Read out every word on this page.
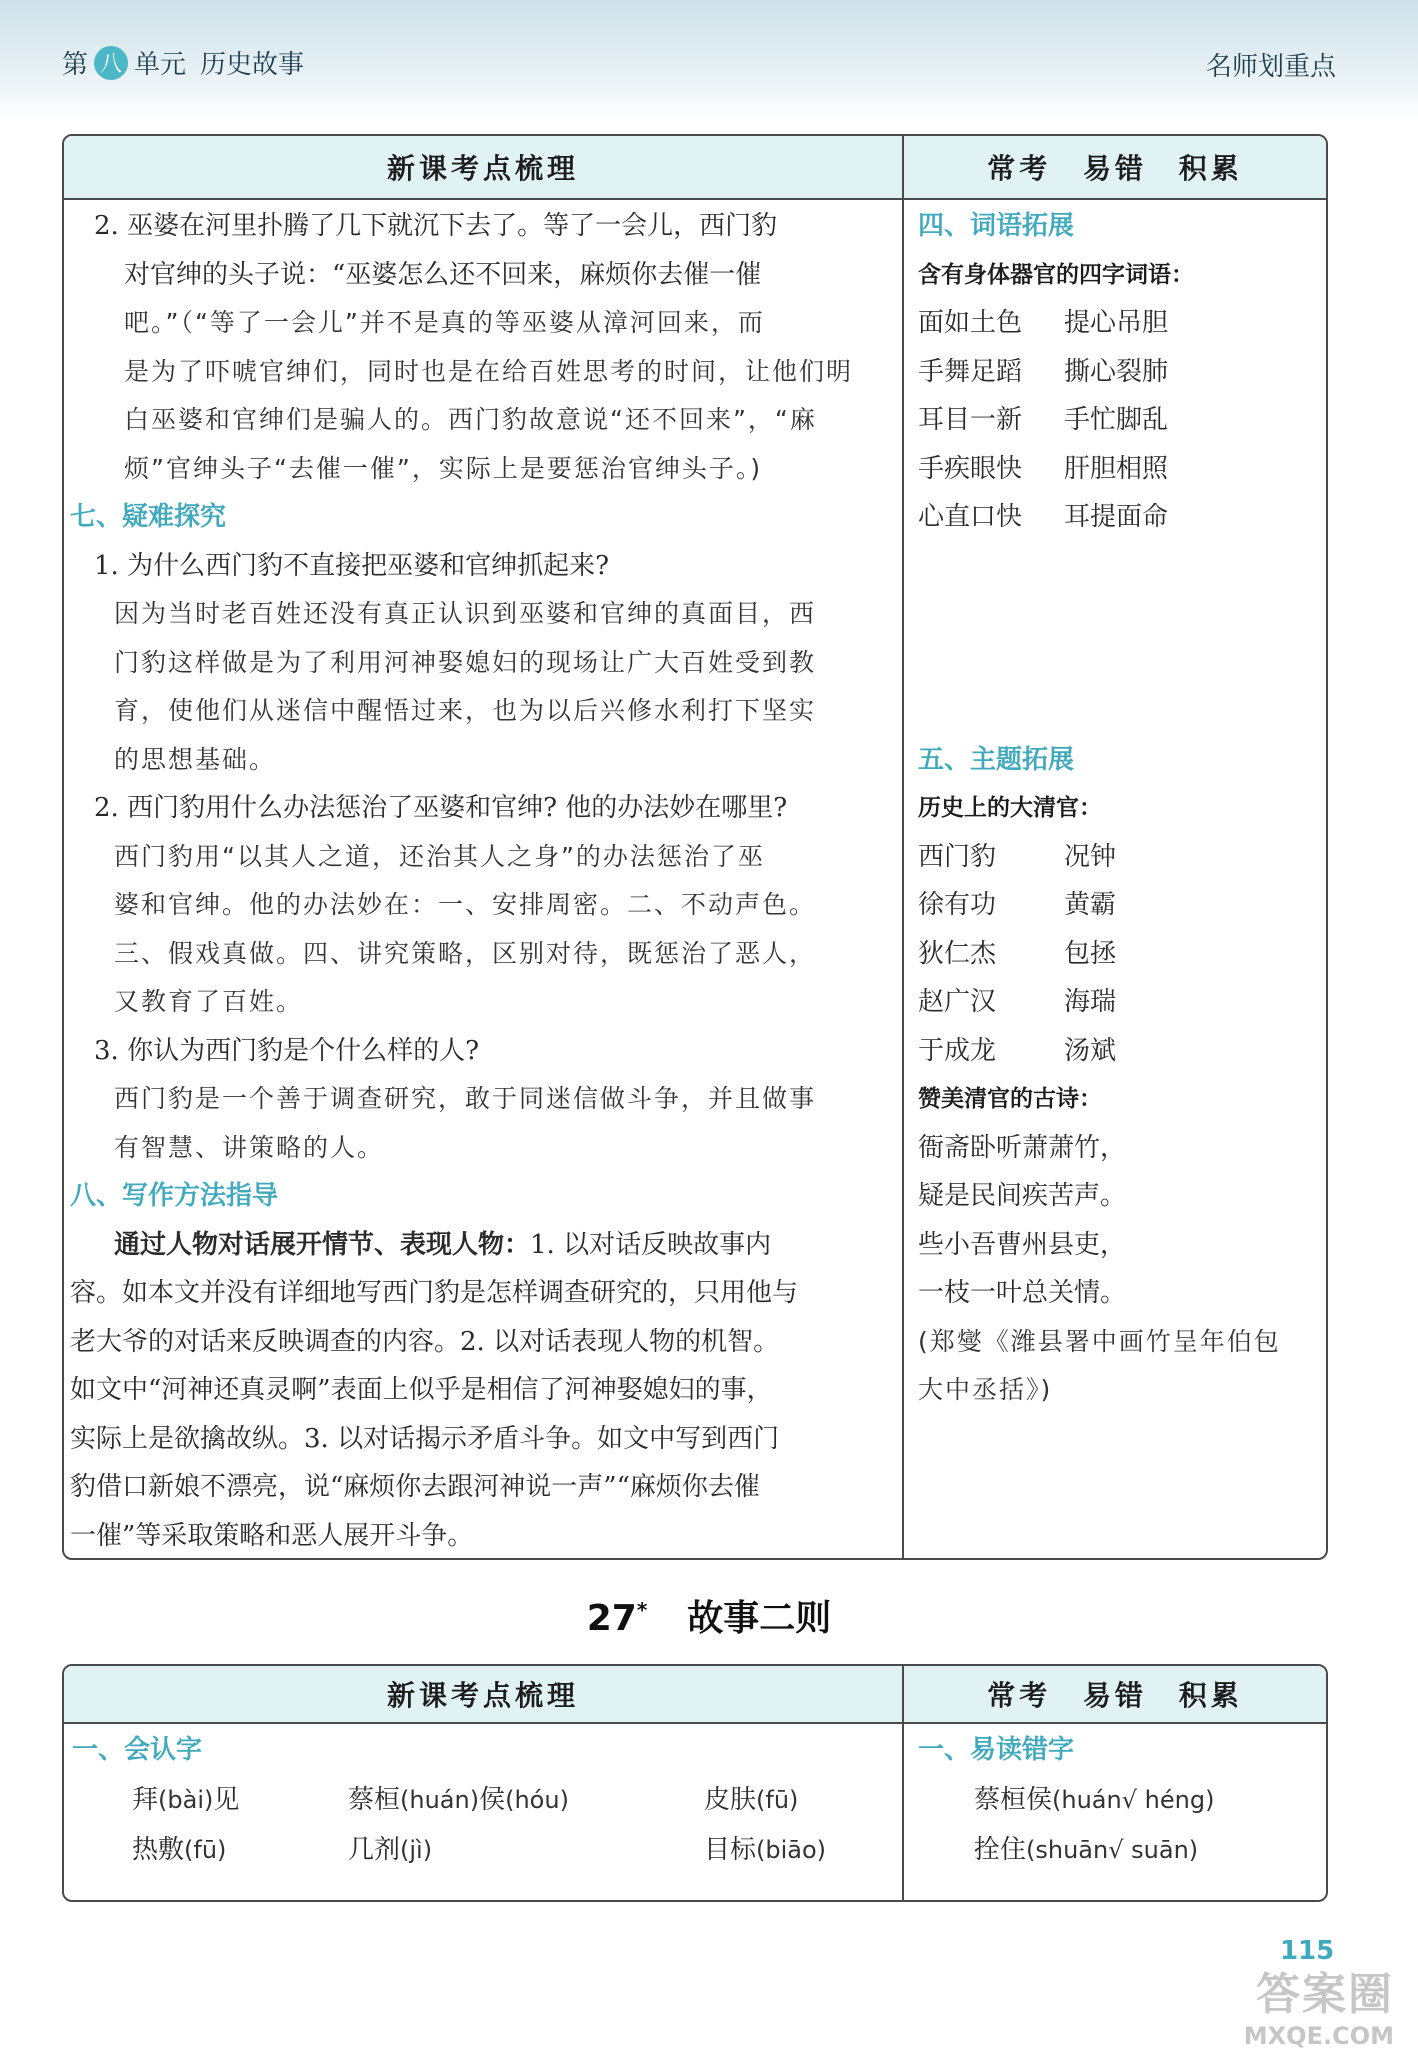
第 八 单元 历史故事	名师划重点
新课考点梳理	常考 易错 积累
2. 巫婆在河里扑腾了几下就沉下去了。等了一会儿，西门豹
对官绅的头子说：“巫婆怎么还不回来，麻烦你去催一催
吧。”（“等了一会儿”并不是真的等巫婆从漳河回来，而
是为了吓唬官绅们，同时也是在给百姓思考的时间，让他们明
白巫婆和官绅们是骗人的。西门豹故意说“还不回来”，“麻
烦”官绅头子“去催一催”，实际上是要惩治官绅头子。)
七、疑难探究
1. 为什么西门豹不直接把巫婆和官绅抓起来?
因为当时老百姓还没有真正认识到巫婆和官绅的真面目，西
门豹这样做是为了利用河神娶媳妇的现场让广大百姓受到教
育，使他们从迷信中醒悟过来，也为以后兴修水利打下坚实
的思想基础。
2. 西门豹用什么办法惩治了巫婆和官绅? 他的办法妙在哪里?
西门豹用“以其人之道，还治其人之身”的办法惩治了巫
婆和官绅。他的办法妙在：一、安排周密。二、不动声色。
三、假戏真做。四、讲究策略，区别对待，既惩治了恶人，
又教育了百姓。
3. 你认为西门豹是个什么样的人?
西门豹是一个善于调查研究，敢于同迷信做斗争，并且做事
有智慧、讲策略的人。
八、写作方法指导
通过人物对话展开情节、表现人物：1. 以对话反映故事内
容。如本文并没有详细地写西门豹是怎样调查研究的，只用他与
老大爷的对话来反映调查的内容。2. 以对话表现人物的机智。
如文中“河神还真灵啊”表面上似乎是相信了河神娶媳妇的事，
实际上是欲擒故纵。3. 以对话揭示矛盾斗争。如文中写到西门
豹借口新娘不漂亮，说“麻烦你去跟河神说一声”“麻烦你去催
一催”等采取策略和恶人展开斗争。
四、词语拓展
含有身体器官的四字词语：
面如土色	提心吊胆
手舞足蹈	撕心裂肺
耳目一新	手忙脚乱
手疾眼快	肝胆相照
心直口快	耳提面命
五、主题拓展
历史上的大清官：
西门豹	况钟
徐有功	黄霸
狄仁杰	包拯
赵广汉	海瑞
于成龙	汤斌
赞美清官的古诗：
衙斋卧听萧萧竹，
疑是民间疾苦声。
些小吾曹州县吏，
一枝一叶总关情。
(郑燮《潍县署中画竹呈年伯包
大中丞括》)
27* 故事二则
新课考点梳理	常考 易错 积累
一、会认字
拜(bài)见	蔡桓(huán)侯(hóu)	皮肤(fū)
热敷(fū)	几剂(jì)	目标(biāo)
一、易读错字
蔡桓侯 (huán√ héng)
拴住 (shuān√ suān)
115
答案圈
MXQE.COM
